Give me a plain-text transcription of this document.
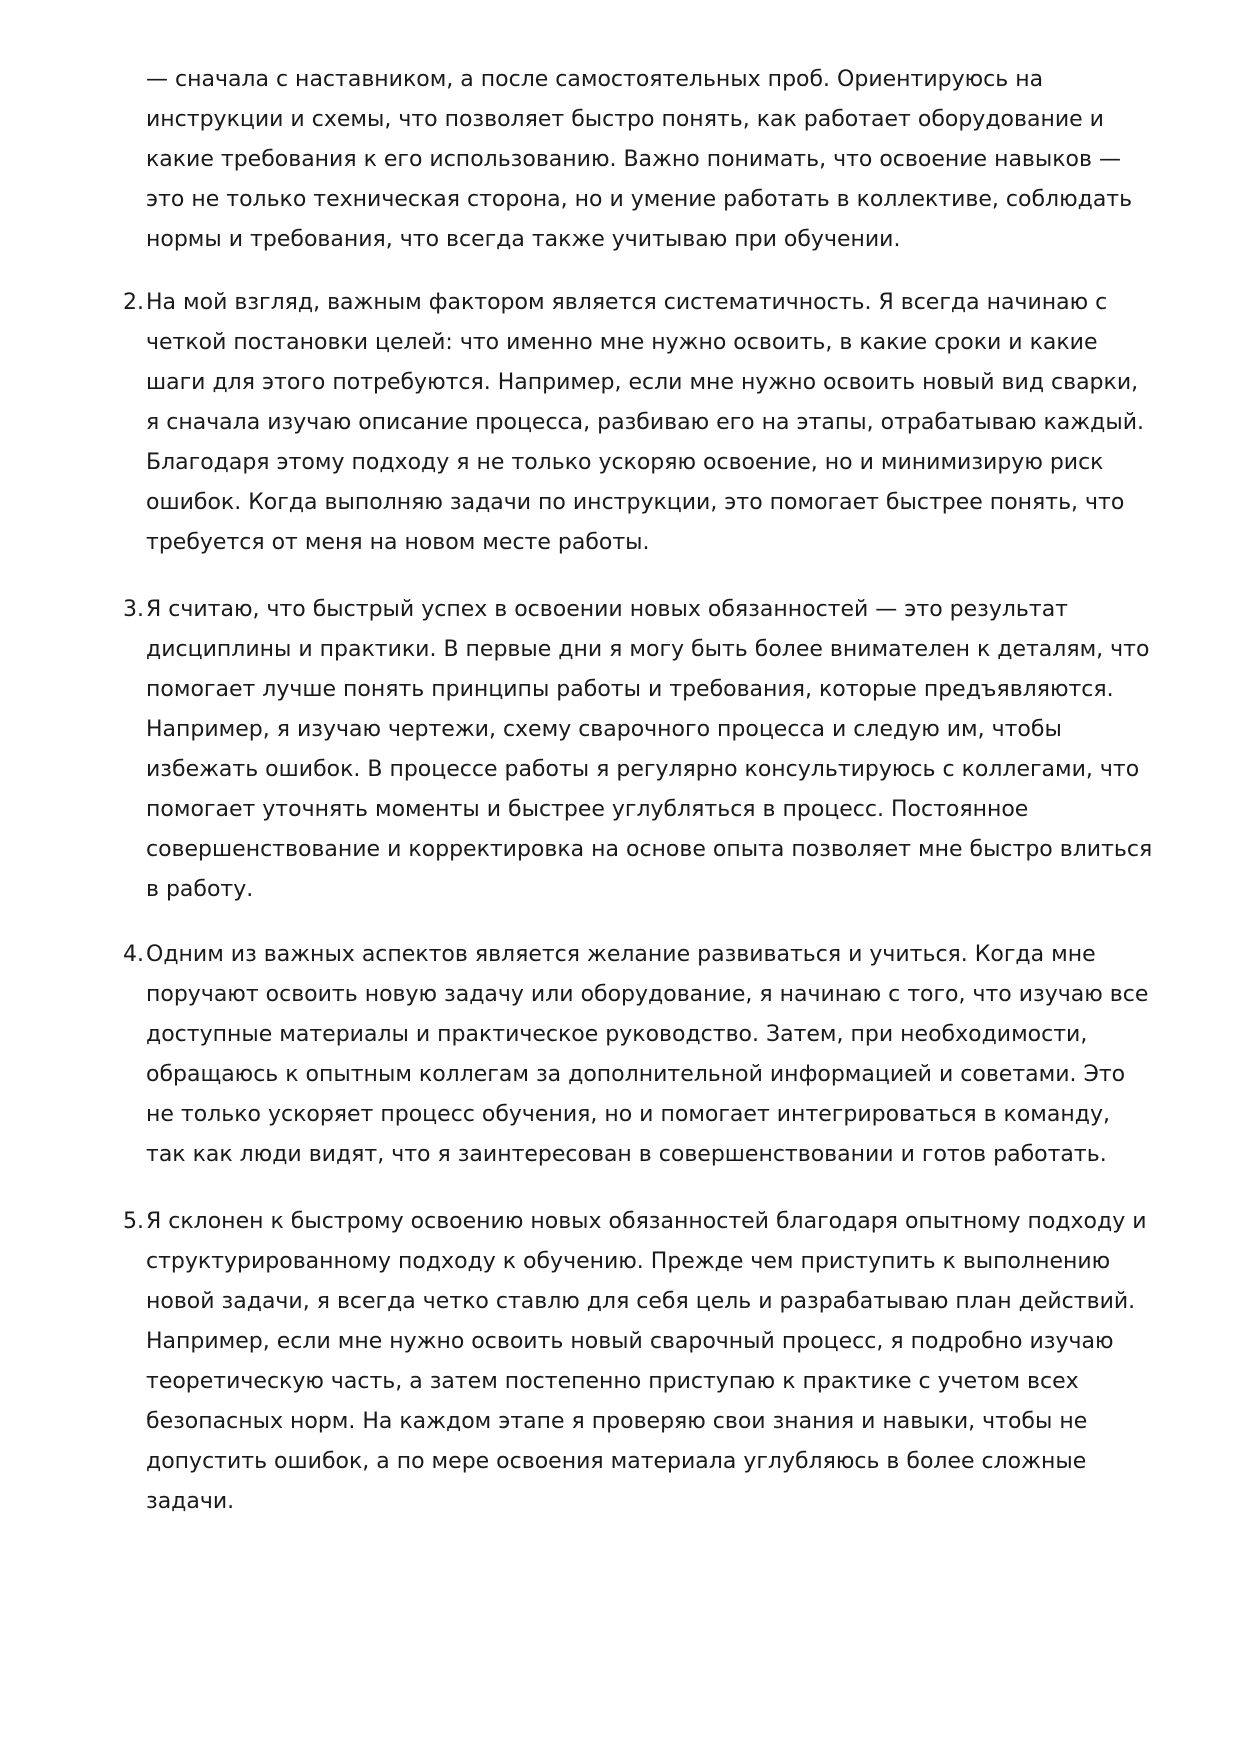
— сначала с наставником, а после самостоятельных проб. Ориентируюсь на инструкции и схемы, что позволяет быстро понять, как работает оборудование и какие требования к его использованию. Важно понимать, что освоение навыков — это не только техническая сторона, но и умение работать в коллективе, соблюдать нормы и требования, что всегда также учитываю при обучении.

2. На мой взгляд, важным фактором является систематичность. Я всегда начинаю с четкой постановки целей: что именно мне нужно освоить, в какие сроки и какие шаги для этого потребуются. Например, если мне нужно освоить новый вид сварки, я сначала изучаю описание процесса, разбиваю его на этапы, отрабатываю каждый. Благодаря этому подходу я не только ускоряю освоение, но и минимизирую риск ошибок. Когда выполняю задачи по инструкции, это помогает быстрее понять, что требуется от меня на новом месте работы.

3. Я считаю, что быстрый успех в освоении новых обязанностей — это результат дисциплины и практики. В первые дни я могу быть более внимателен к деталям, что помогает лучше понять принципы работы и требования, которые предъявляются. Например, я изучаю чертежи, схему сварочного процесса и следую им, чтобы избежать ошибок. В процессе работы я регулярно консультируюсь с коллегами, что помогает уточнять моменты и быстрее углубляться в процесс. Постоянное совершенствование и корректировка на основе опыта позволяет мне быстро влиться в работу.

4. Одним из важных аспектов является желание развиваться и учиться. Когда мне поручают освоить новую задачу или оборудование, я начинаю с того, что изучаю все доступные материалы и практическое руководство. Затем, при необходимости, обращаюсь к опытным коллегам за дополнительной информацией и советами. Это не только ускоряет процесс обучения, но и помогает интегрироваться в команду, так как люди видят, что я заинтересован в совершенствовании и готов работать.

5. Я склонен к быстрому освоению новых обязанностей благодаря опытному подходу и структурированному подходу к обучению. Прежде чем приступить к выполнению новой задачи, я всегда четко ставлю для себя цель и разрабатываю план действий. Например, если мне нужно освоить новый сварочный процесс, я подробно изучаю теоретическую часть, а затем постепенно приступаю к практике с учетом всех безопасных норм. На каждом этапе я проверяю свои знания и навыки, чтобы не допустить ошибок, а по мере освоения материала углубляюсь в более сложные задачи.
